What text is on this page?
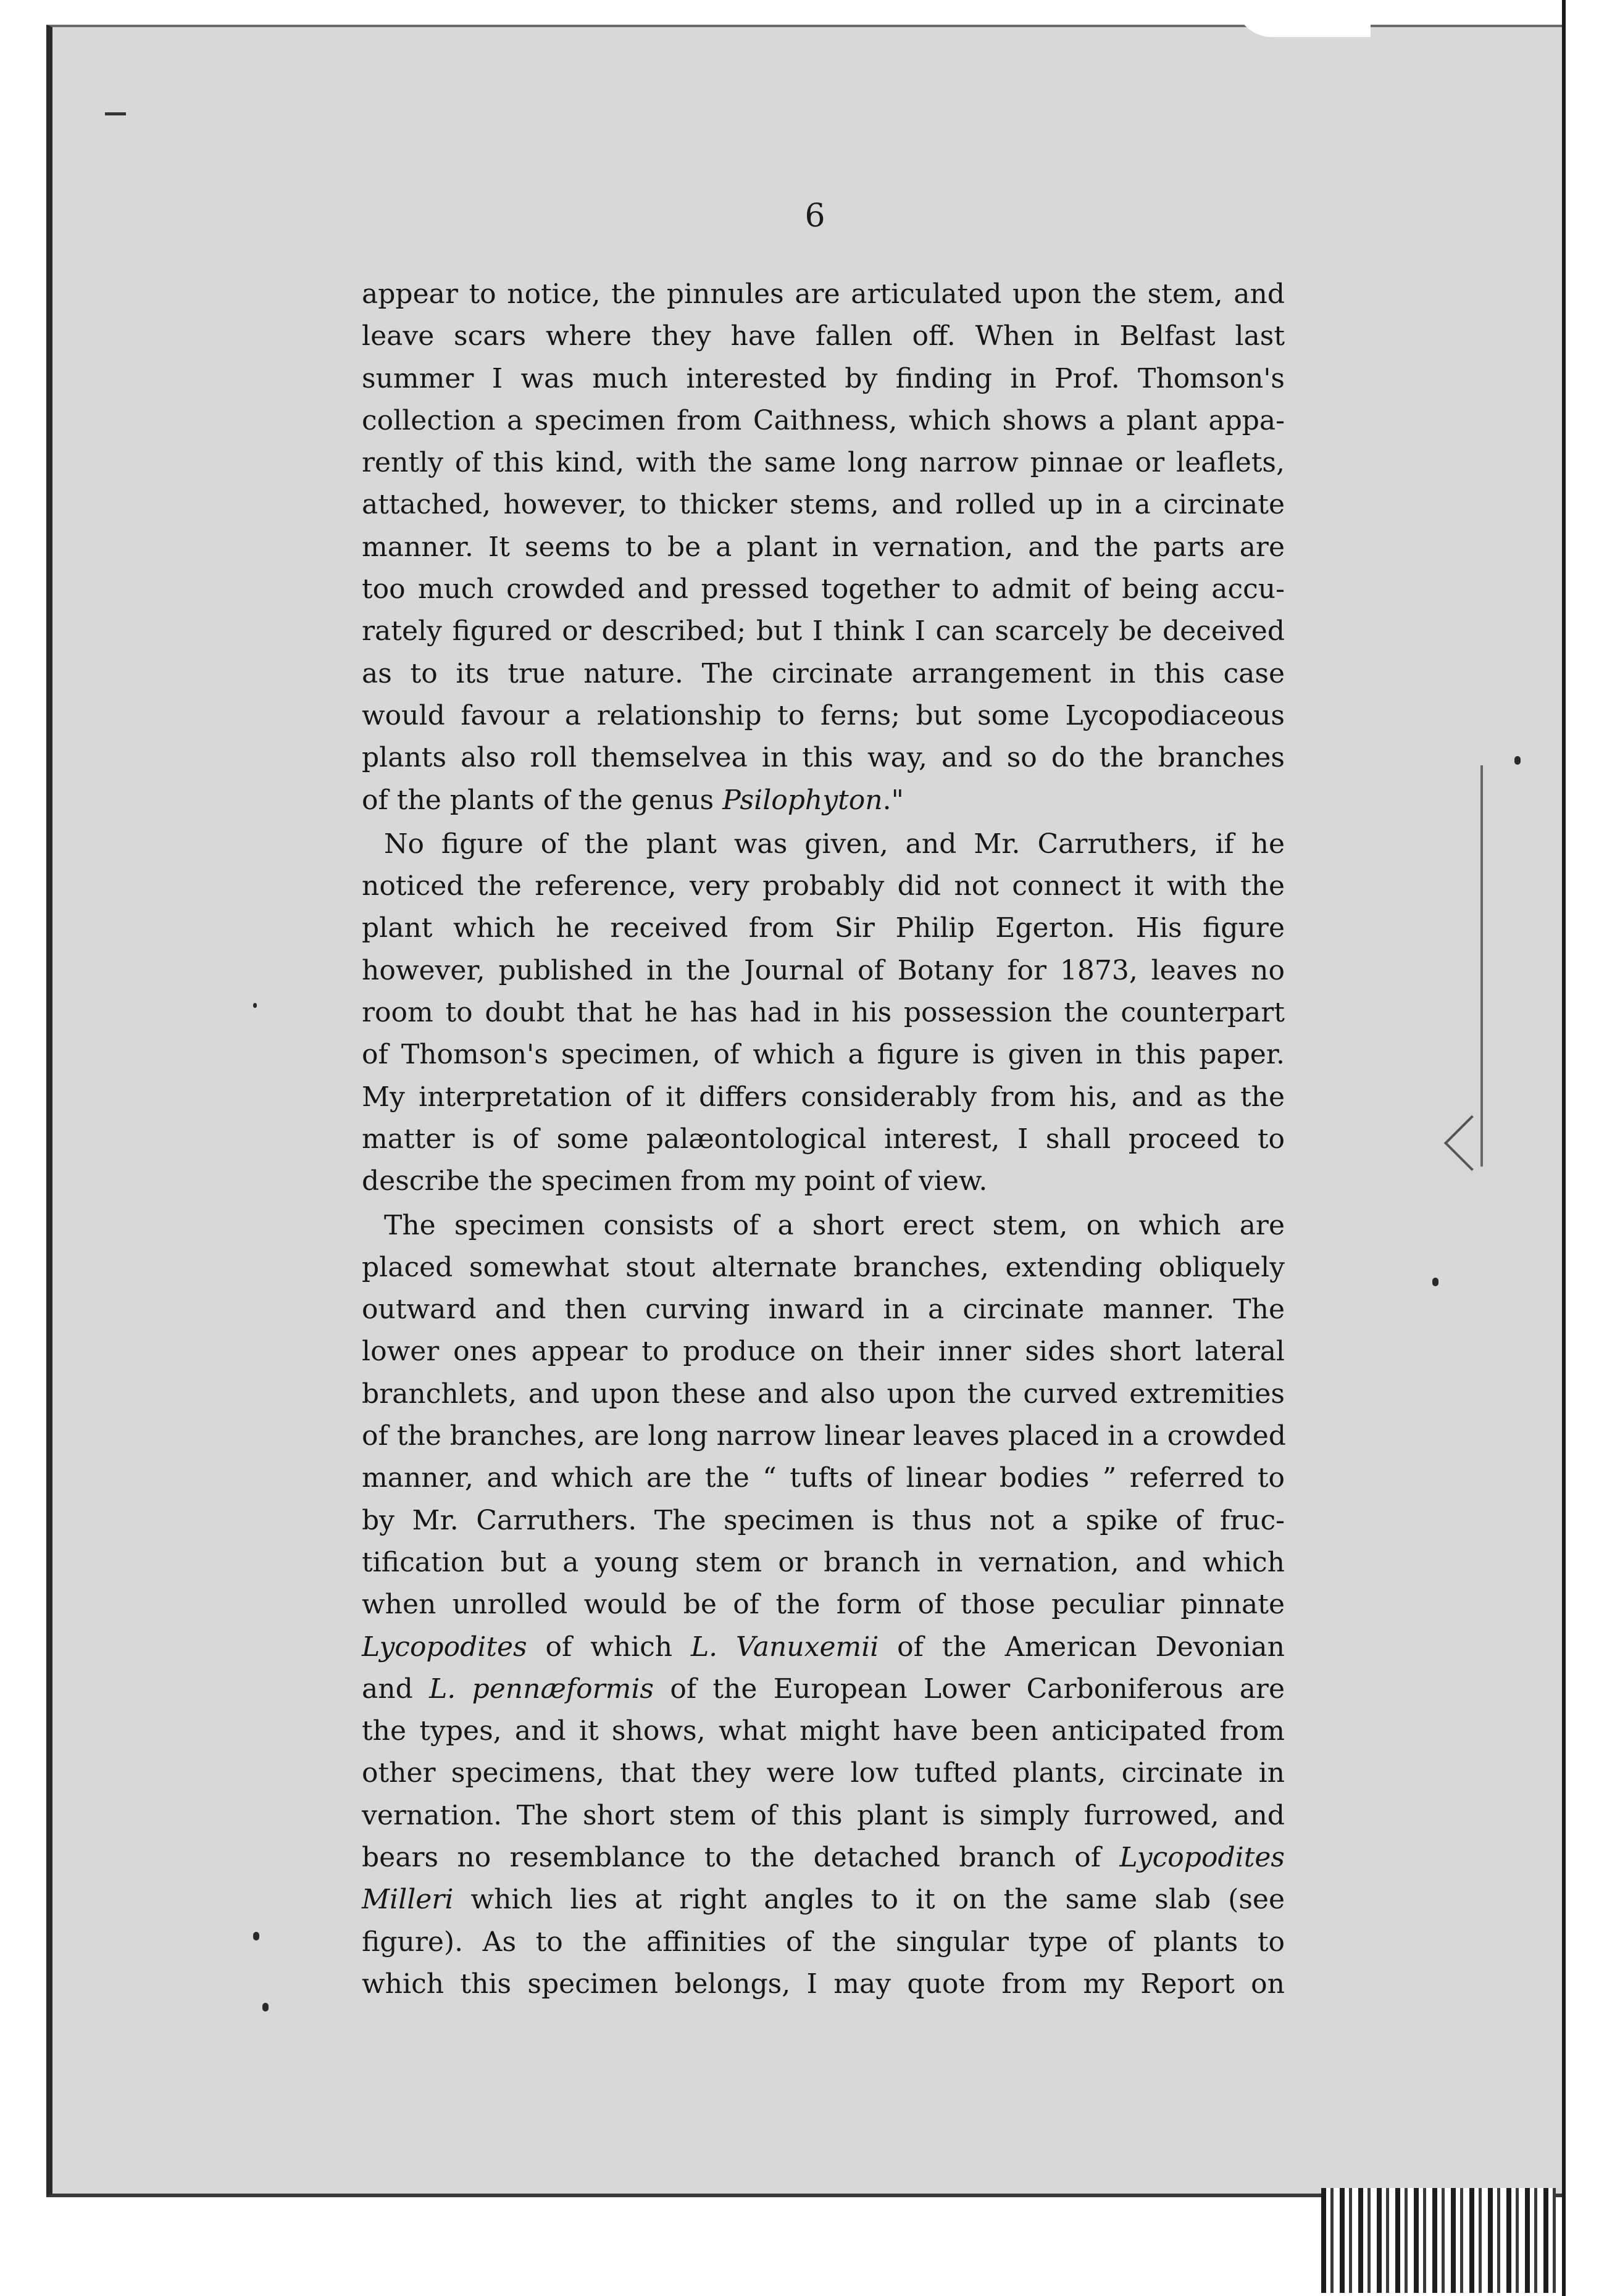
6
appear to notice, the pinnules are articulated upon the stem, and
leave scars where they have fallen off. When in Belfast last
summer I was much interested by finding in Prof. Thomson's
collection a specimen from Caithness, which shows a plant appa-
rently of this kind, with the same long narrow pinnae or leaflets,
attached, however, to thicker stems, and rolled up in a circinate
manner. It seems to be a plant in vernation, and the parts are
too much crowded and pressed together to admit of being accu-
rately figured or described; but I think I can scarcely be deceived
as to its true nature. The circinate arrangement in this case
would favour a relationship to ferns; but some Lycopodiaceous
plants also roll themselvea in this way, and so do the branches
of the plants of the genus Psilophyton."
No figure of the plant was given, and Mr. Carruthers, if he
noticed the reference, very probably did not connect it with the
plant which he received from Sir Philip Egerton. His figure
however, published in the Journal of Botany for 1873, leaves no
room to doubt that he has had in his possession the counterpart
of Thomson's specimen, of which a figure is given in this paper.
My interpretation of it differs considerably from his, and as the
matter is of some palæontological interest, I shall proceed to
describe the specimen from my point of view.
The specimen consists of a short erect stem, on which are
placed somewhat stout alternate branches, extending obliquely
outward and then curving inward in a circinate manner. The
lower ones appear to produce on their inner sides short lateral
branchlets, and upon these and also upon the curved extremities
of the branches, are long narrow linear leaves placed in a crowded
manner, and which are the “ tufts of linear bodies ” referred to
by Mr. Carruthers. The specimen is thus not a spike of fruc-
tification but a young stem or branch in vernation, and which
when unrolled would be of the form of those peculiar pinnate
Lycopodites of which L. Vanuxemii of the American Devonian
and L. pennæformis of the European Lower Carboniferous are
the types, and it shows, what might have been anticipated from
other specimens, that they were low tufted plants, circinate in
vernation. The short stem of this plant is simply furrowed, and
bears no resemblance to the detached branch of Lycopodites
Milleri which lies at right angles to it on the same slab (see
figure). As to the affinities of the singular type of plants to
which this specimen belongs, I may quote from my Report on
